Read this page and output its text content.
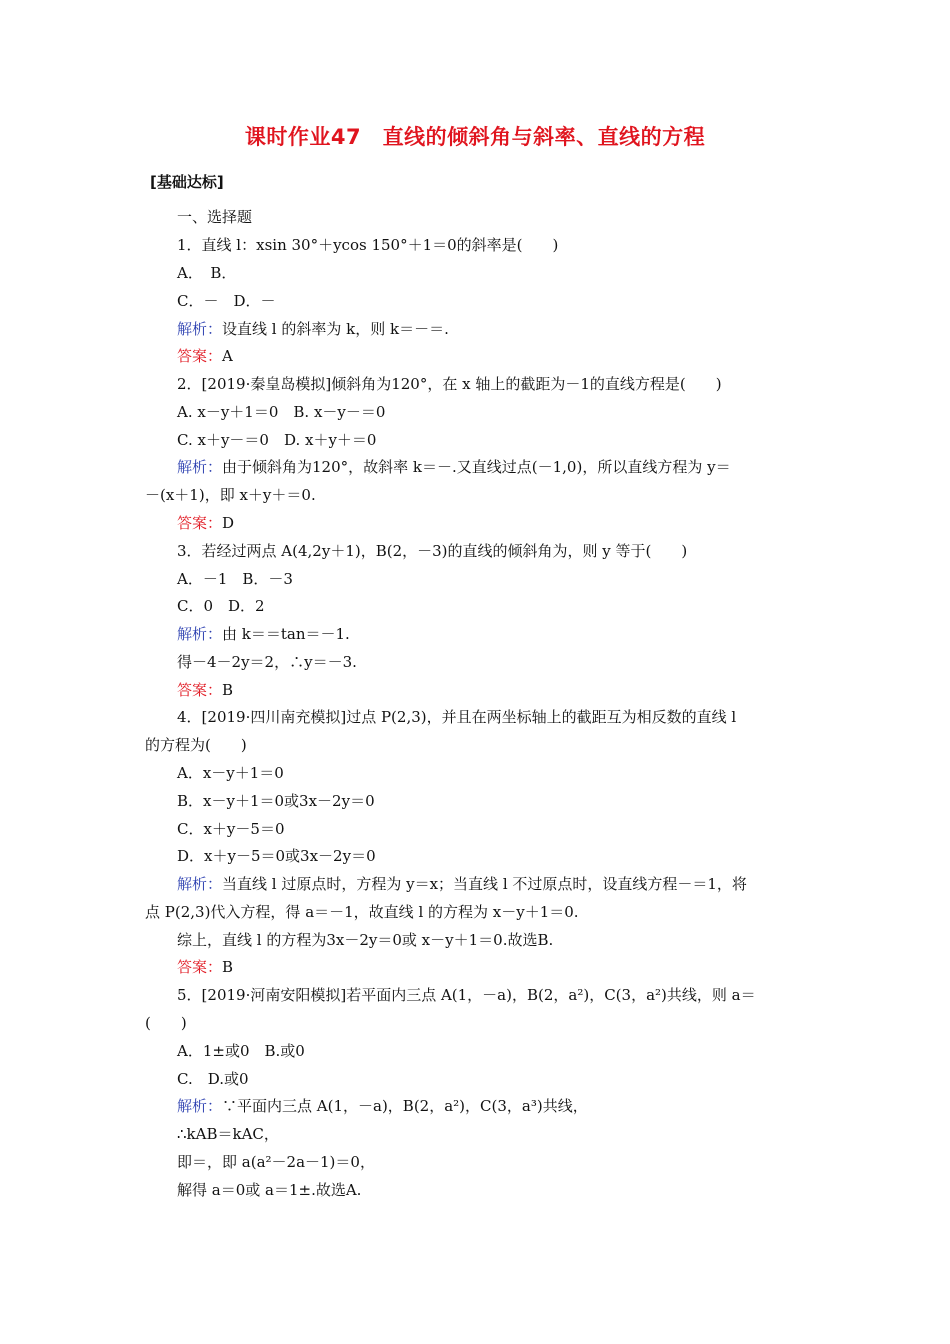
课时作业47　直线的倾斜角与斜率、直线的方程
[基础达标]
一、选择题
1．直线 l：xsin 30°＋ycos 150°＋1＝0的斜率是(　　)
A．　B．
C．－　D．－
解析：设直线 l 的斜率为 k，则 k＝－＝.
答案：A
2．[2019·秦皇岛模拟]倾斜角为120°，在 x 轴上的截距为－1的直线方程是(　　)
A. x－y＋1＝0　B. x－y－＝0
C. x＋y－＝0　D. x＋y＋＝0
解析：由于倾斜角为120°，故斜率 k＝－.又直线过点(－1,0)，所以直线方程为 y＝
－(x＋1)，即 x＋y＋＝0.
答案：D
3．若经过两点 A(4,2y＋1)，B(2，－3)的直线的倾斜角为，则 y 等于(　　)
A．－1　B．－3
C．0　D．2
解析：由 k＝＝tan＝－1.
得－4－2y＝2，∴y＝－3.
答案：B
4．[2019·四川南充模拟]过点 P(2,3)，并且在两坐标轴上的截距互为相反数的直线 l
的方程为(　　)
A．x－y＋1＝0
B．x－y＋1＝0或3x－2y＝0
C．x＋y－5＝0
D．x＋y－5＝0或3x－2y＝0
解析：当直线 l 过原点时，方程为 y＝x；当直线 l 不过原点时，设直线方程－＝1，将
点 P(2,3)代入方程，得 a＝－1，故直线 l 的方程为 x－y＋1＝0.
综上，直线 l 的方程为3x－2y＝0或 x－y＋1＝0.故选B.
答案：B
5．[2019·河南安阳模拟]若平面内三点 A(1，－a)，B(2，a²)，C(3，a²)共线，则 a＝
(　　)
A．1±或0　B.或0
C.　D.或0
解析：∵平面内三点 A(1，－a)，B(2，a²)，C(3，a³)共线，
∴kAB＝kAC，
即＝，即 a(a²－2a－1)＝0，
解得 a＝0或 a＝1±.故选A.
